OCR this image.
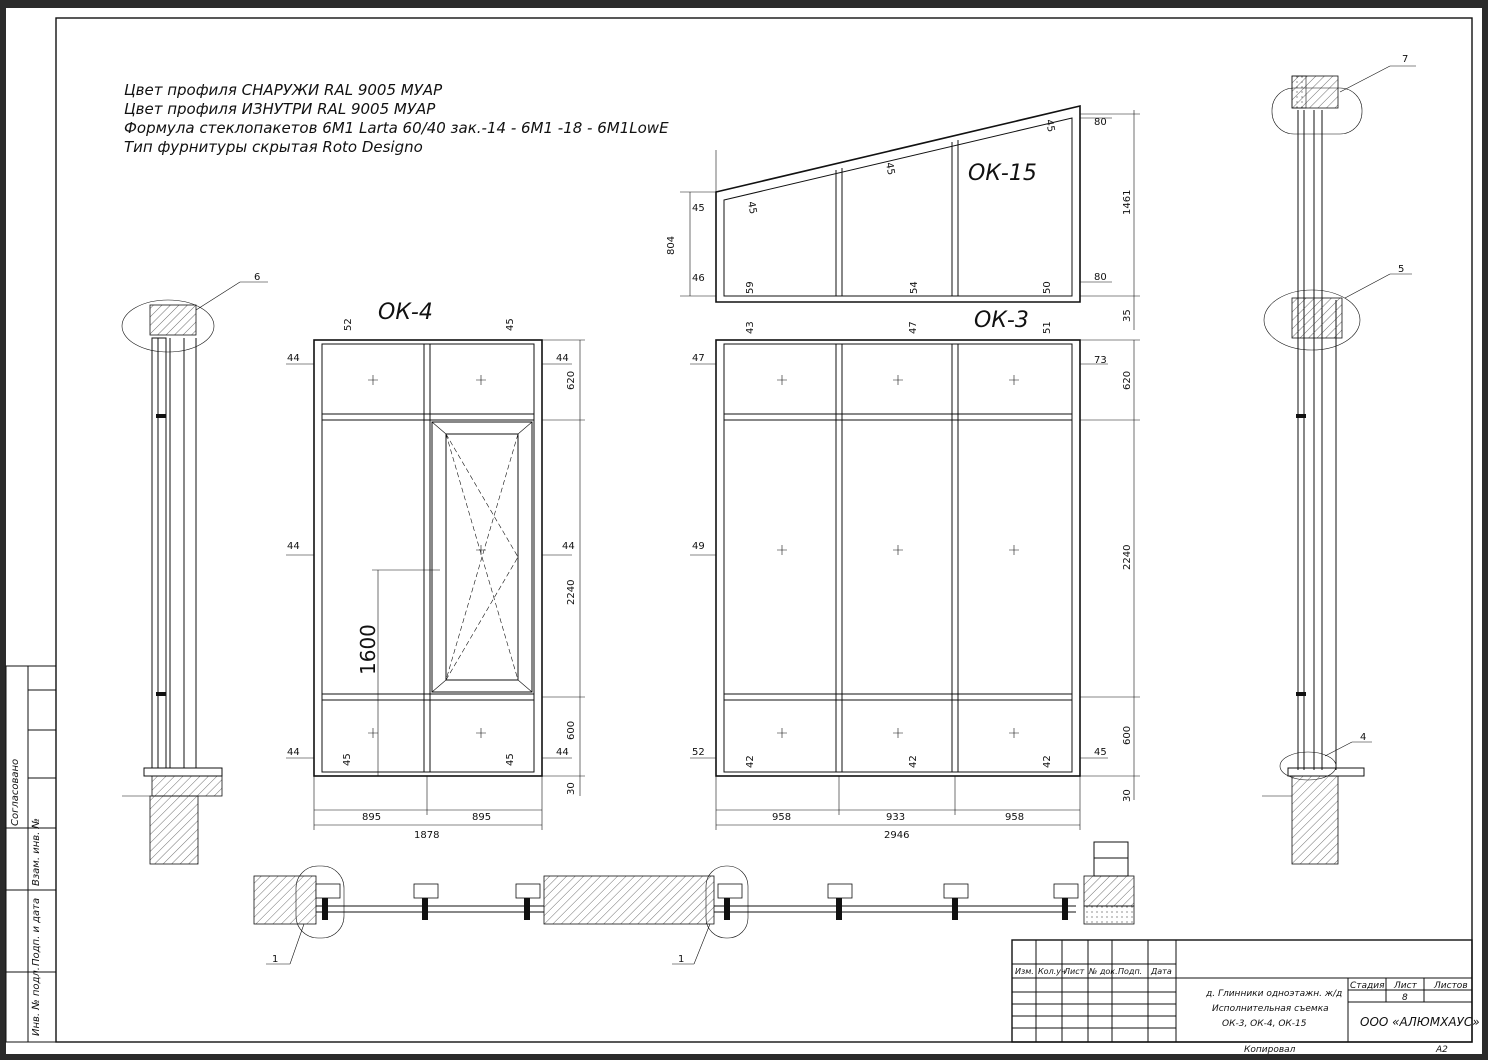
Цвет профиля СНАРУЖИ RAL 9005 МУАР
Цвет профиля ИЗНУТРИ RAL 9005 МУАР
Формула стеклопакетов 6М1 Larta 60/40 зак.-14 - 6М1 -18 - 6М1LowE
Тип фурнитуры скрытая Roto Designo
ОК-4
895	895
1878
44
44
44
44
44
44
52	45
45	45
620
2240
600
30
1600
ОК-15
45
46
804
80
80
1461
35
45
45
45
59	54	50
ОК-3
958	933	958
2946
47
49
52
73
45
43	47	51
42	42	42
620
2240
600
30
6
7
5
4
1	1
Согласовано
Взам. инв. №
Подп. и дата
Инв. № подл.	Изм. Кол.уч
Лист № док. Подп. Дата
д. Глинники одноэтажн. ж/д
Исполнительная съемка
ОК-3, ОК-4, ОК-15
Стадия Лист Листов
8
ООО «АЛЮМХАУС»
Копировал	А2
